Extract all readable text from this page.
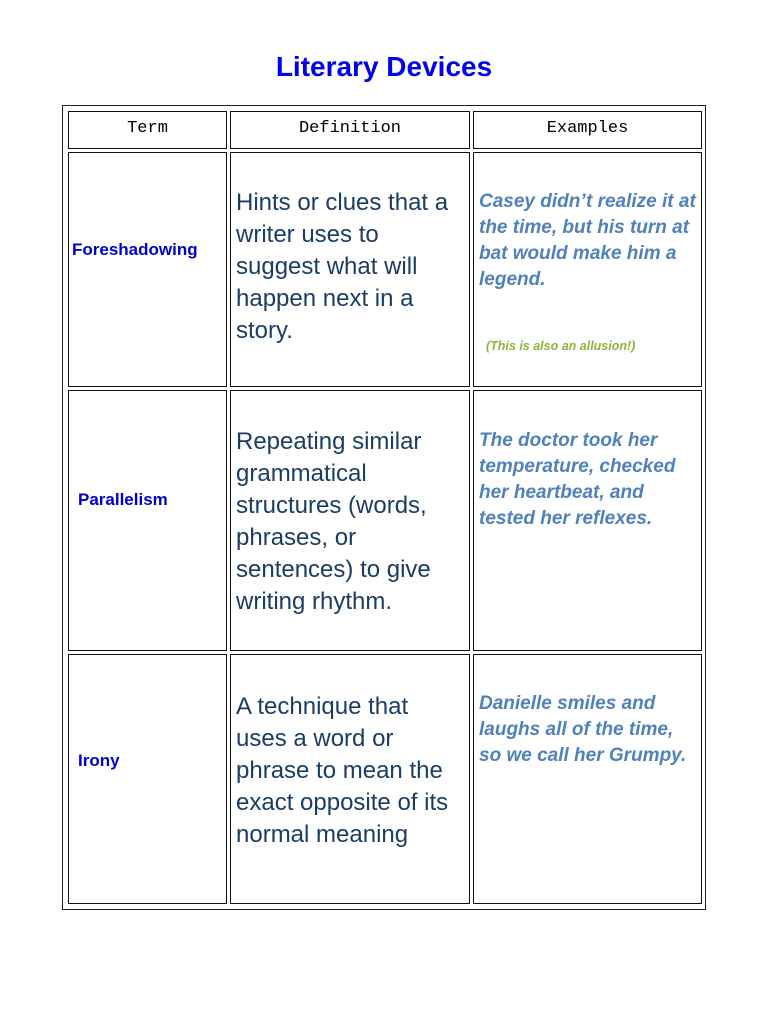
Literary Devices
Term	Definition	Examples
Foreshadowing
Hints or clues that a writer uses to suggest what will happen next in a story.
Casey didn’t realize it at the time, but his turn at bat would make him a legend.
(This is also an allusion!)
Parallelism
Repeating similar grammatical structures (words, phrases, or sentences) to give writing rhythm.
The doctor took her temperature, checked her heartbeat, and tested her reflexes.
Irony
A technique that uses a word or phrase to mean the exact opposite of its normal meaning
Danielle smiles and laughs all of the time, so we call her Grumpy.
